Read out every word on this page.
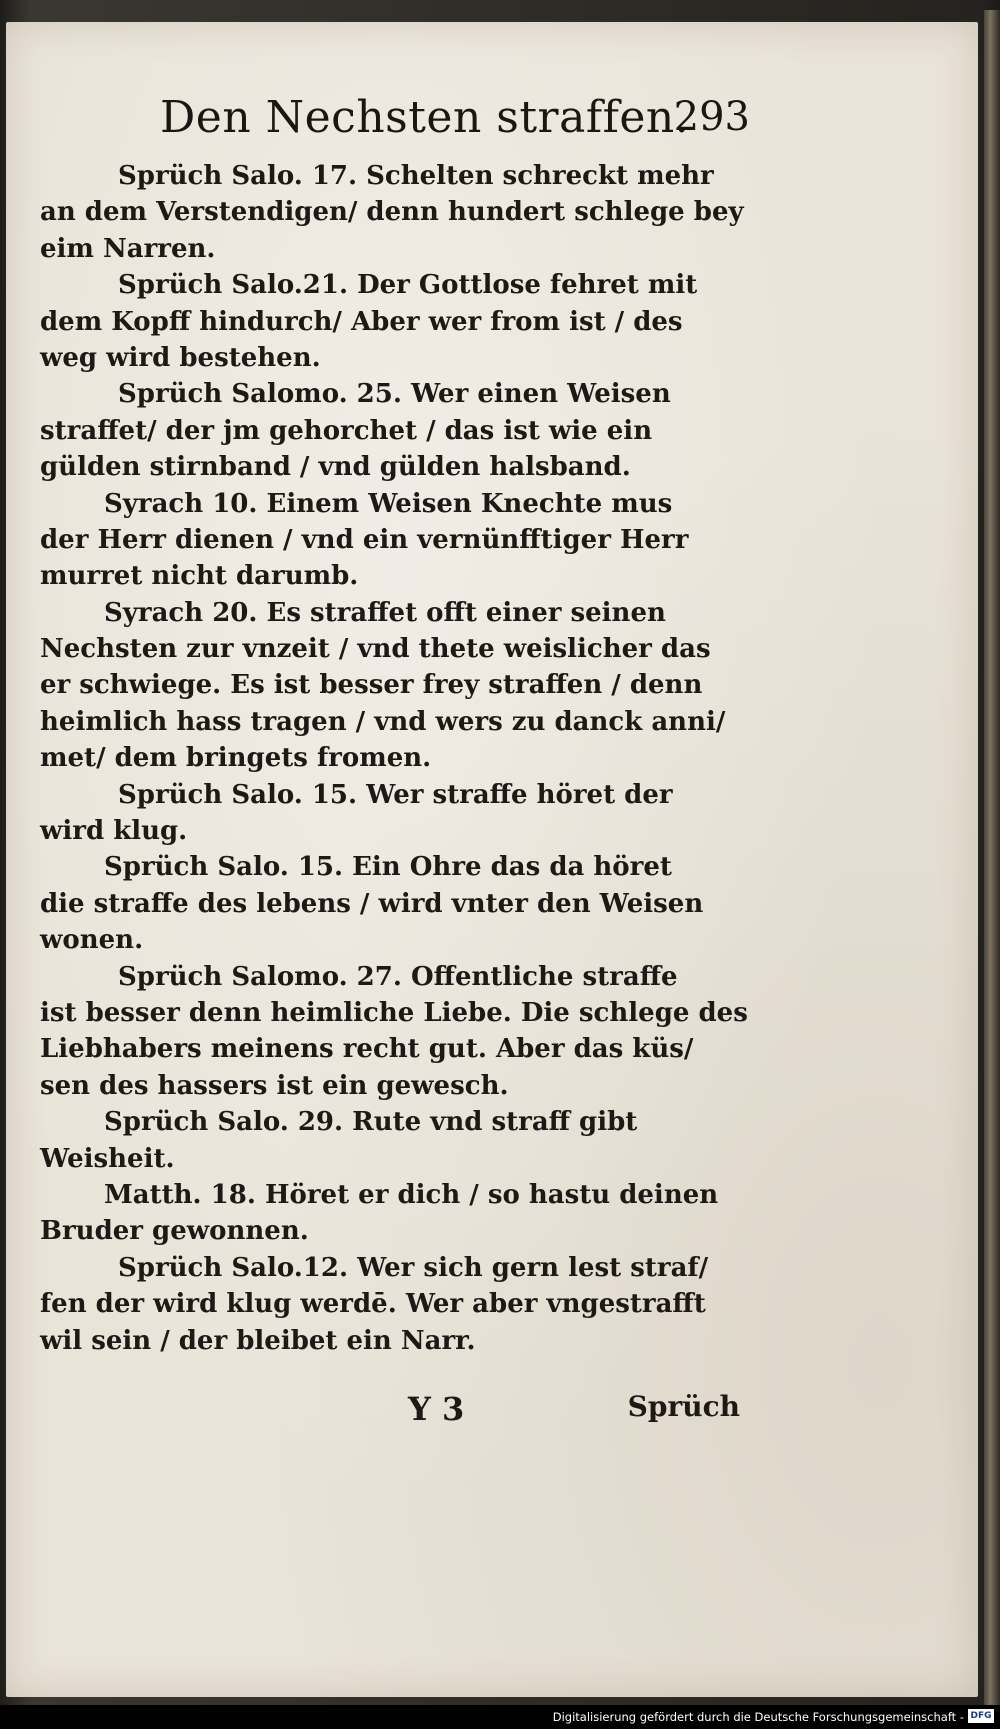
Den Nechsten straffen.
293
Sprüch Salo. 17. Schelten schreckt mehr
an dem Verstendigen/ denn hundert schlege bey
eim Narren.
Sprüch Salo.21. Der Gottlose fehret mit
dem Kopff hindurch/ Aber wer from ist / des
weg wird bestehen.
Sprüch Salomo. 25. Wer einen Weisen
straffet/ der jm gehorchet / das ist wie ein
gülden stirnband / vnd gülden halsband.
Syrach 10. Einem Weisen Knechte mus
der Herr dienen / vnd ein vernünfftiger Herr
murret nicht darumb.
Syrach 20. Es straffet offt einer seinen
Nechsten zur vnzeit / vnd thete weislicher das
er schwiege. Es ist besser frey straffen / denn
heimlich hass tragen / vnd wers zu danck anni/
met/ dem bringets fromen.
Sprüch Salo. 15. Wer straffe höret der
wird klug.
Sprüch Salo. 15. Ein Ohre das da höret
die straffe des lebens / wird vnter den Weisen
wonen.
Sprüch Salomo. 27. Offentliche straffe
ist besser denn heimliche Liebe. Die schlege des
Liebhabers meinens recht gut. Aber das küs/
sen des hassers ist ein gewesch.
Sprüch Salo. 29. Rute vnd straff gibt
Weisheit.
Matth. 18. Höret er dich / so hastu deinen
Bruder gewonnen.
Sprüch Salo.12. Wer sich gern lest straf/
fen der wird klug werdē. Wer aber vngestrafft
wil sein / der bleibet ein Narr.
Y 3	Sprüch
Digitalisierung gefördert durch die Deutsche Forschungsgemeinschaft - DFG
